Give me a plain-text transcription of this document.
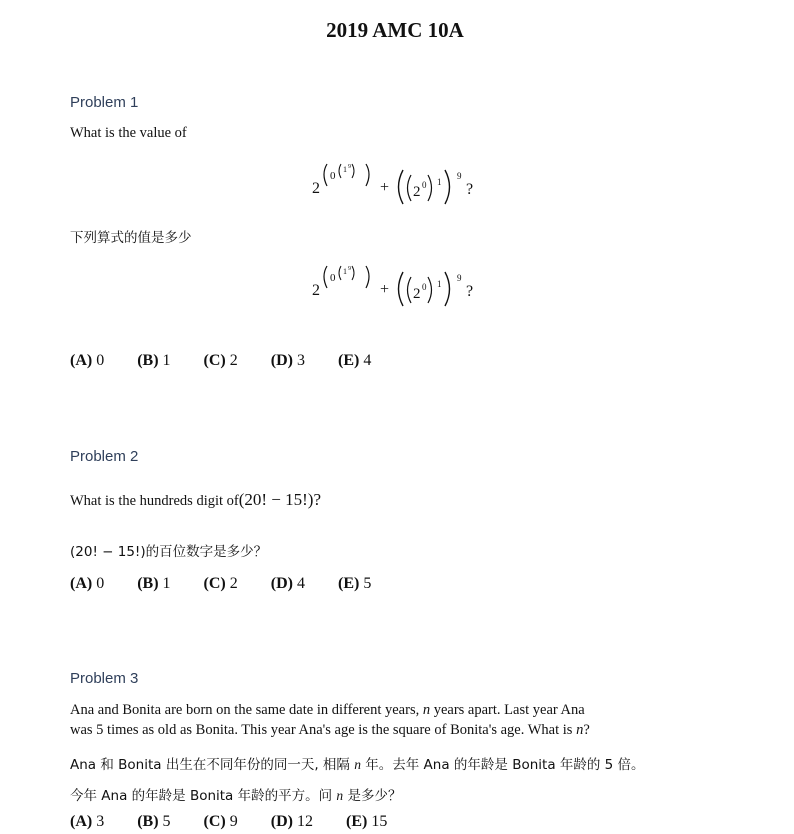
2019 AMC 10A
Problem 1
What is the value of
2
0
1 9
+ 2 0 1
9
?
下列算式的值是多少
2
0
1 9
+ 2 0 1
9
?
(A) 0 (B) 1 (C) 2 (D) 3 (E) 4
Problem 2
What is the hundreds digit of(20! − 15!)?
(20! − 15!)的百位数字是多少？
(A) 0 (B) 1 (C) 2 (D) 4 (E) 5
Problem 3
Ana and Bonita are born on the same date in different years, n years apart. Last year Ana
was 5 times as old as Bonita. This year Ana's age is the square of Bonita's age. What is n?
Ana 和 Bonita 出生在不同年份的同一天, 相隔 n 年。去年 Ana 的年龄是 Bonita 年龄的 5 倍。
今年 Ana 的年龄是 Bonita 年龄的平方。问 n 是多少？
(A) 3 (B) 5 (C) 9 (D) 12 (E) 15
